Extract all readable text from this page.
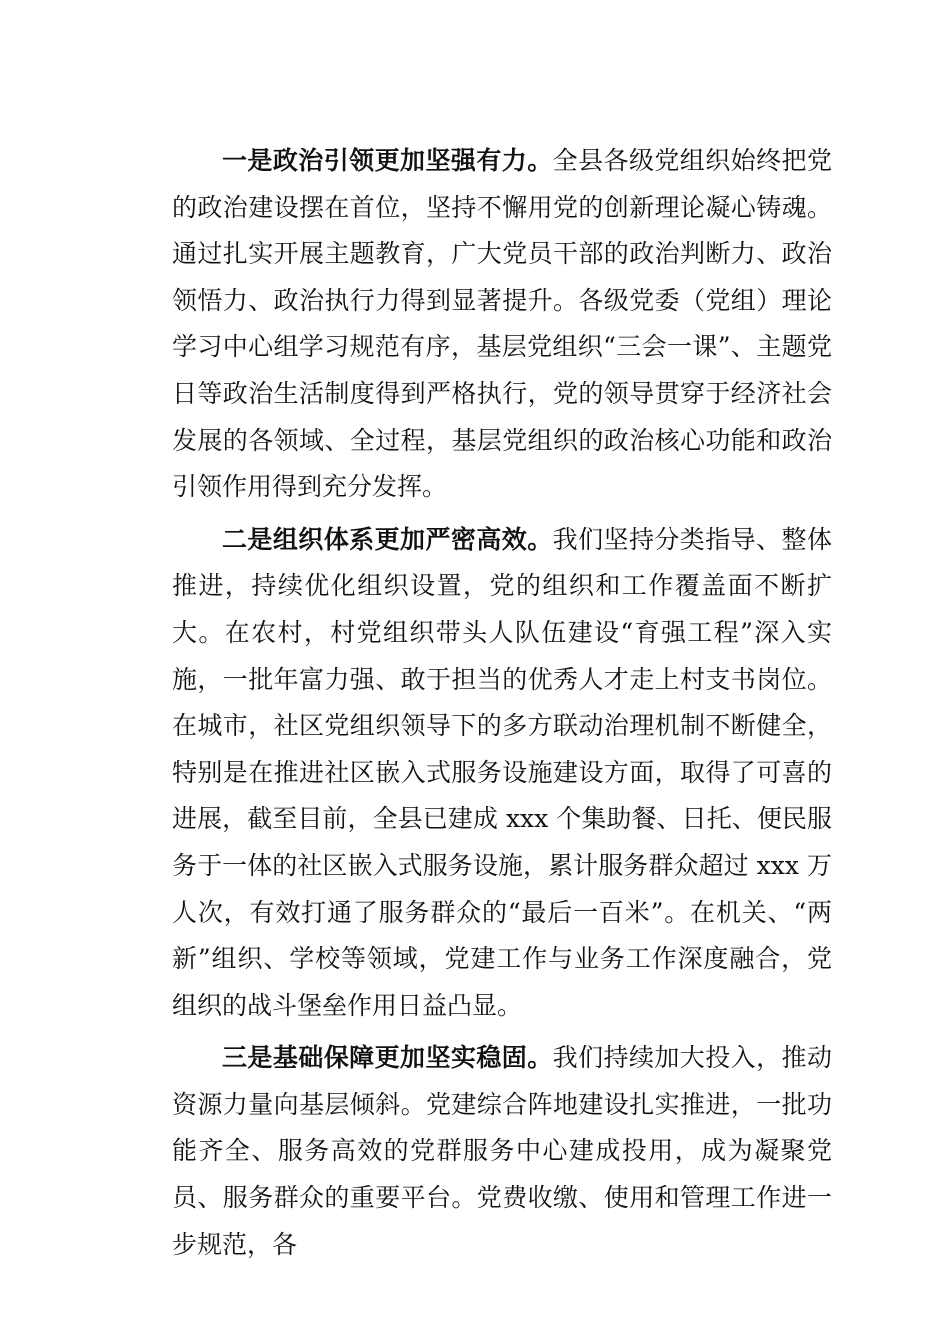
一是政治引领更加坚强有力。全县各级党组织始终把党的政治建设摆在首位，坚持不懈用党的创新理论凝心铸魂。通过扎实开展主题教育，广大党员干部的政治判断力、政治领悟力、政治执行力得到显著提升。各级党委（党组）理论学习中心组学习规范有序，基层党组织“三会一课”、主题党日等政治生活制度得到严格执行，党的领导贯穿于经济社会发展的各领域、全过程，基层党组织的政治核心功能和政治引领作用得到充分发挥。

二是组织体系更加严密高效。我们坚持分类指导、整体推进，持续优化组织设置，党的组织和工作覆盖面不断扩大。在农村，村党组织带头人队伍建设“育强工程”深入实施，一批年富力强、敢于担当的优秀人才走上村支书岗位。在城市，社区党组织领导下的多方联动治理机制不断健全，特别是在推进社区嵌入式服务设施建设方面，取得了可喜的进展，截至目前，全县已建成 xxx 个集助餐、日托、便民服务于一体的社区嵌入式服务设施，累计服务群众超过 xxx 万人次，有效打通了服务群众的“最后一百米”。在机关、“两新”组织、学校等领域，党建工作与业务工作深度融合，党组织的战斗堡垒作用日益凸显。

三是基础保障更加坚实稳固。我们持续加大投入，推动资源力量向基层倾斜。党建综合阵地建设扎实推进，一批功能齐全、服务高效的党群服务中心建成投用，成为凝聚党员、服务群众的重要平台。党费收缴、使用和管理工作进一步规范，各
